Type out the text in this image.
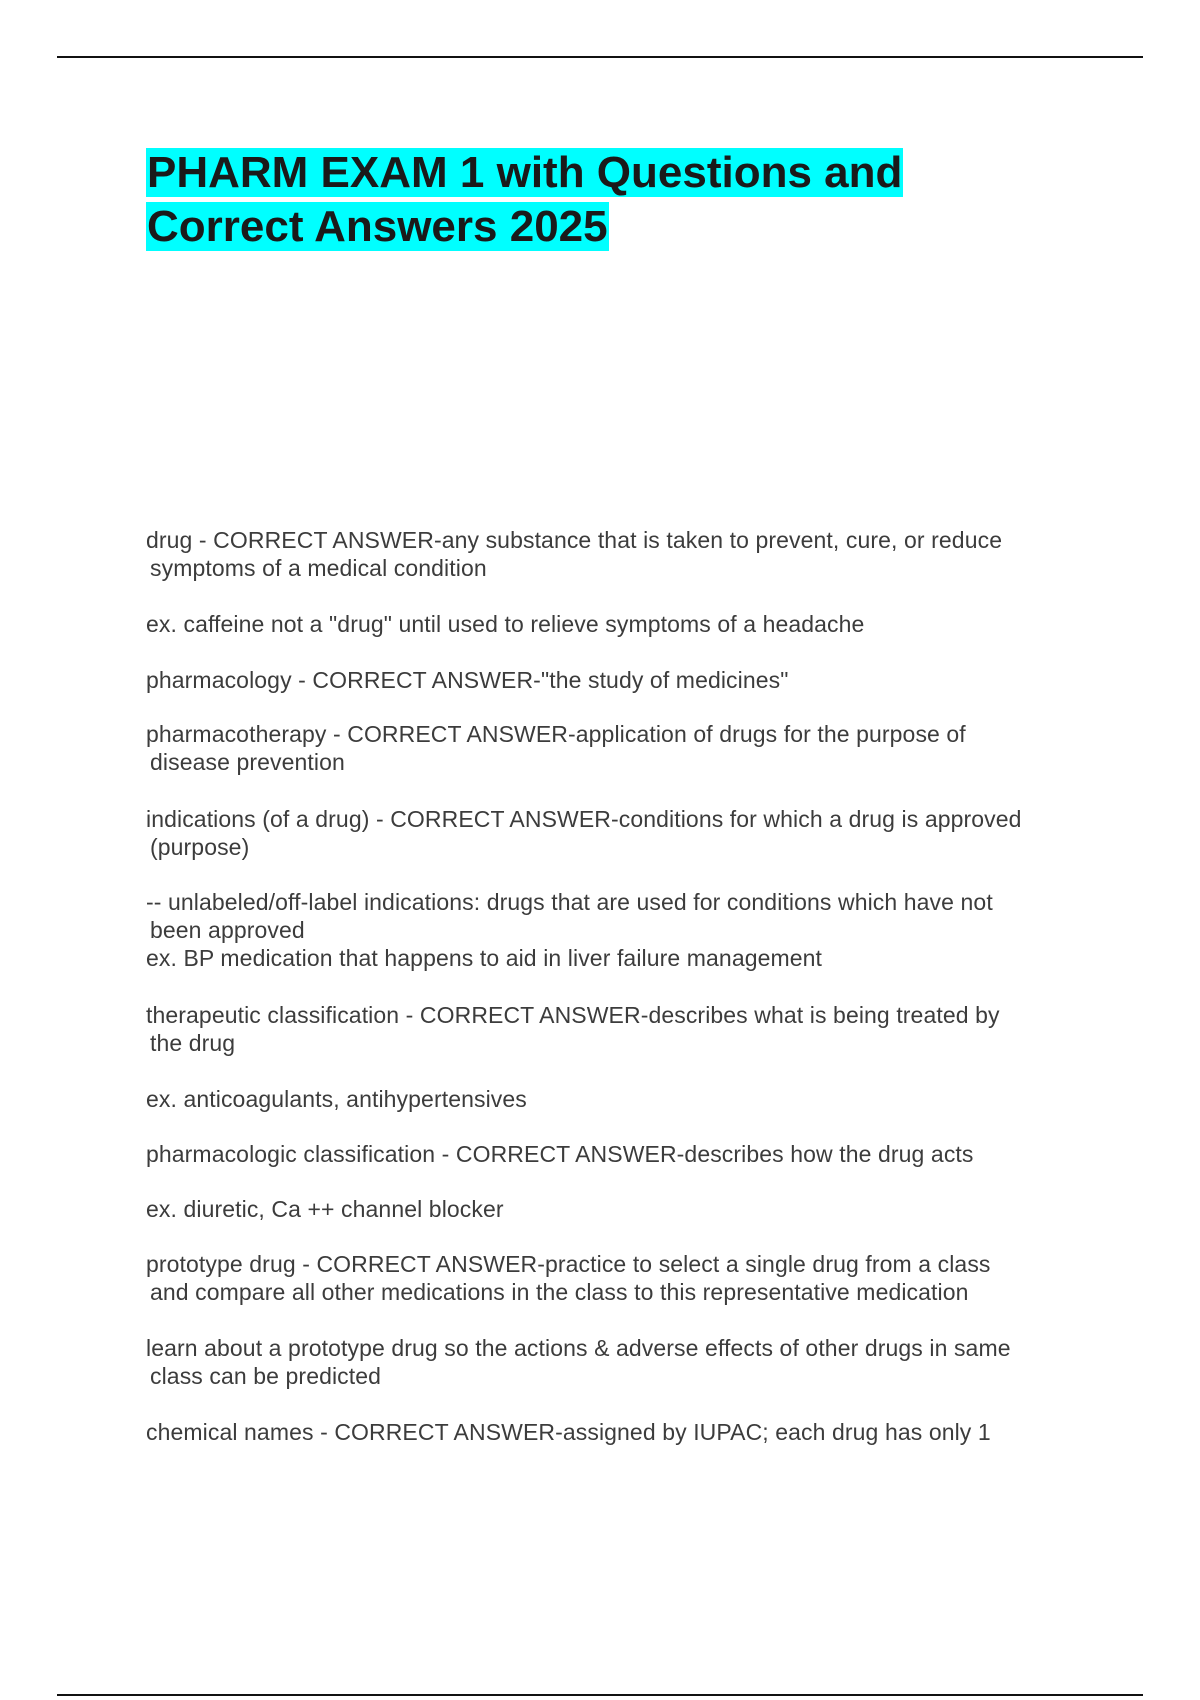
PHARM EXAM 1 with Questions and
Correct Answers 2025

drug - CORRECT ANSWER-any substance that is taken to prevent, cure, or reduce
symptoms of a medical condition

ex. caffeine not a "drug" until used to relieve symptoms of a headache

pharmacology - CORRECT ANSWER-"the study of medicines"

pharmacotherapy - CORRECT ANSWER-application of drugs for the purpose of
disease prevention

indications (of a drug) - CORRECT ANSWER-conditions for which a drug is approved
(purpose)

-- unlabeled/off-label indications: drugs that are used for conditions which have not
been approved
ex. BP medication that happens to aid in liver failure management

therapeutic classification - CORRECT ANSWER-describes what is being treated by
the drug

ex. anticoagulants, antihypertensives

pharmacologic classification - CORRECT ANSWER-describes how the drug acts

ex. diuretic, Ca ++ channel blocker

prototype drug - CORRECT ANSWER-practice to select a single drug from a class
and compare all other medications in the class to this representative medication

learn about a prototype drug so the actions & adverse effects of other drugs in same
class can be predicted

chemical names - CORRECT ANSWER-assigned by IUPAC; each drug has only 1
